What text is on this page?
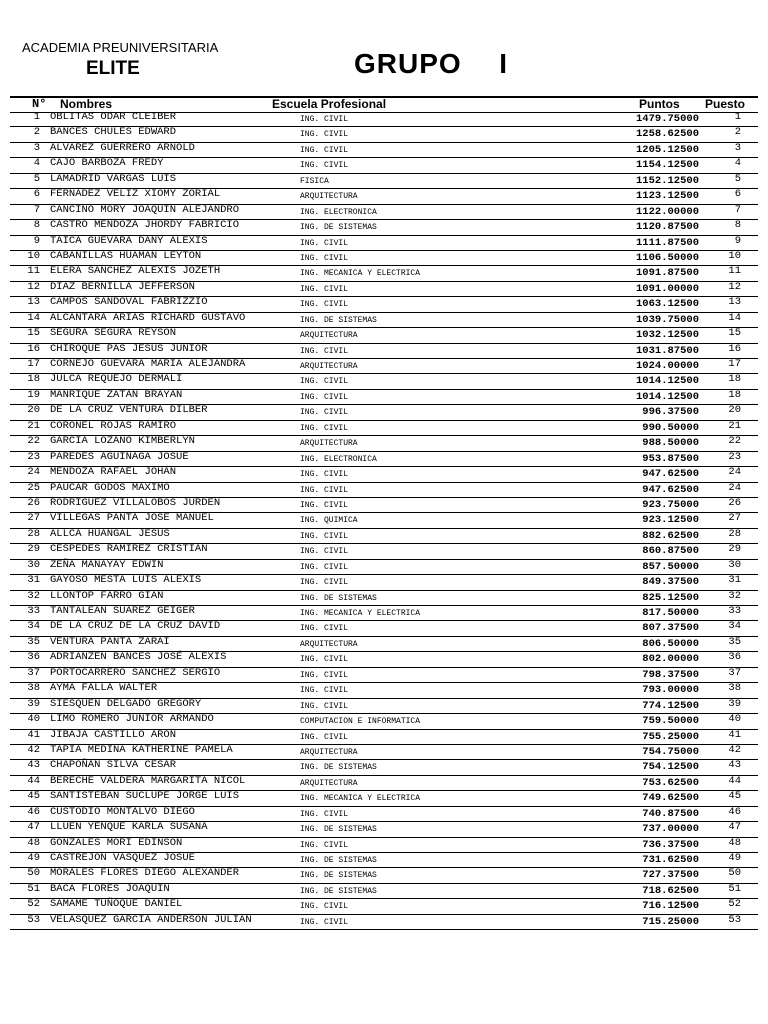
ACADEMIA PREUNIVERSITARIA
ELITE	GRUPO  I
N° Nombres	Escuela Profesional	Puntos Puesto
1 OBLITAS ODAR CLEIBER	ING. CIVIL	1479.75000	1
2 BANCES CHULES EDWARD	ING. CIVIL	1258.62500	2
3 ALVAREZ GUERRERO ARNOLD	ING. CIVIL	1205.12500	3
4 CAJO BARBOZA FREDY	ING. CIVIL	1154.12500	4
5 LAMADRID VARGAS LUIS	FISICA	1152.12500	5
6 FERNADEZ VELIZ XIOMY ZORIAL	ARQUITECTURA	1123.12500	6
7 CANCINO MORY JOAQUIN ALEJANDRO	ING. ELECTRONICA	1122.00000	7
8 CASTRO MENDOZA JHORDY FABRICIO	ING. DE SISTEMAS	1120.87500	8
9 TAICA GUEVARA DANY ALEXIS	ING. CIVIL	1111.87500	9
10 CABANILLAS HUAMAN LEYTON	ING. CIVIL	1106.50000	10
11 ELERA SANCHEZ ALEXIS JOZETH	ING. MECANICA Y ELECTRICA	1091.87500	11
12 DIAZ BERNILLA JEFFERSON	ING. CIVIL	1091.00000	12
13 CAMPOS SANDOVAL FABRIZZIO	ING. CIVIL	1063.12500	13
14 ALCANTARA ARIAS RICHARD GUSTAVO	ING. DE SISTEMAS	1039.75000	14
15 SEGURA SEGURA REYSON	ARQUITECTURA	1032.12500	15
16 CHIROQUE PAS JESUS JUNIOR	ING. CIVIL	1031.87500	16
17 CORNEJO GUEVARA MARIA ALEJANDRA	ARQUITECTURA	1024.00000	17
18 JULCA REQUEJO DERMALI	ING. CIVIL	1014.12500	18
19 MANRIQUE ZATAN BRAYAN	ING. CIVIL	1014.12500	18
20 DE LA CRUZ VENTURA DILBER	ING. CIVIL	996.37500	20
21 CORONEL ROJAS RAMIRO	ING. CIVIL	990.50000	21
22 GARCIA LOZANO KIMBERLYN	ARQUITECTURA	988.50000	22
23 PAREDES AGUINAGA JOSUE	ING. ELECTRONICA	953.87500	23
24 MENDOZA RAFAEL JOHAN	ING. CIVIL	947.62500	24
25 PAUCAR GODOS MAXIMO	ING. CIVIL	947.62500	24
26 RODRIGUEZ VILLALOBOS JURDEN	ING. CIVIL	923.75000	26
27 VILLEGAS PANTA JOSE MANUEL	ING. QUIMICA	923.12500	27
28 ALLCA HUANGAL JESUS	ING. CIVIL	882.62500	28
29 CESPEDES RAMIREZ CRISTIAN	ING. CIVIL	860.87500	29
30 ZEÑA MANAYAY EDWIN	ING. CIVIL	857.50000	30
31 GAYOSO MESTA LUIS ALEXIS	ING. CIVIL	849.37500	31
32 LLONTOP FARRO GIAN	ING. DE SISTEMAS	825.12500	32
33 TANTALEAN SUAREZ GEIGER	ING. MECANICA Y ELECTRICA	817.50000	33
34 DE LA CRUZ DE LA CRUZ DAVID	ING. CIVIL	807.37500	34
35 VENTURA PANTA ZARAI	ARQUITECTURA	806.50000	35
36 ADRIANZEN BANCES JOSÉ ALEXIS	ING. CIVIL	802.00000	36
37 PORTOCARRERO SANCHEZ SERGIO	ING. CIVIL	798.37500	37
38 AYMA FALLA WALTER	ING. CIVIL	793.00000	38
39 SIESQUEN DELGADO GREGORY	ING. CIVIL	774.12500	39
40 LIMO ROMERO JUNIOR ARMANDO	COMPUTACION E INFORMATICA	759.50000	40
41 JIBAJA CASTILLO ARON	ING. CIVIL	755.25000	41
42 TAPIA MEDINA KATHERINE PAMELA	ARQUITECTURA	754.75000	42
43 CHAPOÑAN SILVA CESAR	ING. DE SISTEMAS	754.12500	43
44 BERECHE VALDERA MARGARITA NICOL	ARQUITECTURA	753.62500	44
45 SANTISTEBAN SUCLUPE JORGE LUIS	ING. MECANICA Y ELECTRICA	749.62500	45
46 CUSTODIO MONTALVO DIEGO	ING. CIVIL	740.87500	46
47 LLUEN YENQUE KARLA SUSANA	ING. DE SISTEMAS	737.00000	47
48 GONZALES MORI EDINSON	ING. CIVIL	736.37500	48
49 CASTREJON VASQUEZ JOSUE	ING. DE SISTEMAS	731.62500	49
50 MORALES FLORES DIEGO ALEXANDER	ING. DE SISTEMAS	727.37500	50
51 BACA FLORES JOAQUIN	ING. DE SISTEMAS	718.62500	51
52 SAMAME TUÑOQUE DANIEL	ING. CIVIL	716.12500	52
53 VELASQUEZ GARCIA ANDERSON JULIAN	ING. CIVIL	715.25000	53
